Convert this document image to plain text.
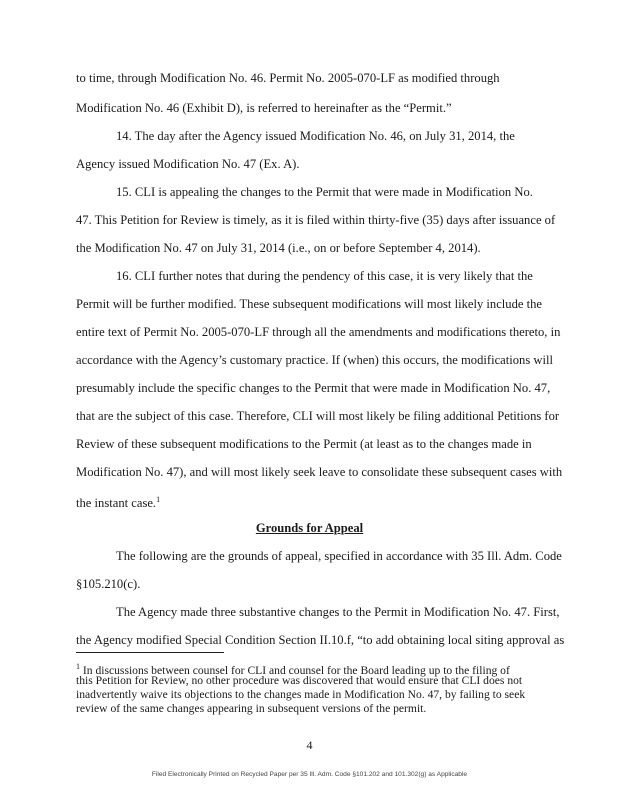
to time, through Modification No. 46. Permit No. 2005-070-LF as modified through
Modification No. 46 (Exhibit D), is referred to hereinafter as the “Permit.”
14. The day after the Agency issued Modification No. 46, on July 31, 2014, the
Agency issued Modification No. 47 (Ex. A).
15. CLI is appealing the changes to the Permit that were made in Modification No.
47. This Petition for Review is timely, as it is filed within thirty-five (35) days after issuance of
the Modification No. 47 on July 31, 2014 (i.e., on or before September 4, 2014).
16. CLI further notes that during the pendency of this case, it is very likely that the
Permit will be further modified. These subsequent modifications will most likely include the
entire text of Permit No. 2005-070-LF through all the amendments and modifications thereto, in
accordance with the Agency’s customary practice. If (when) this occurs, the modifications will
presumably include the specific changes to the Permit that were made in Modification No. 47,
that are the subject of this case. Therefore, CLI will most likely be filing additional Petitions for
Review of these subsequent modifications to the Permit (at least as to the changes made in
Modification No. 47), and will most likely seek leave to consolidate these subsequent cases with
the instant case.$^1$
Grounds for Appeal
The following are the grounds of appeal, specified in accordance with 35 Ill. Adm. Code
§105.210(c).
The Agency made three substantive changes to the Permit in Modification No. 47. First,
the Agency modified Special Condition Section II.10.f, “to add obtaining local siting approval as
$^1$ In discussions between counsel for CLI and counsel for the Board leading up to the filing of
this Petition for Review, no other procedure was discovered that would ensure that CLI does not
inadvertently waive its objections to the changes made in Modification No. 47, by failing to seek
review of the same changes appearing in subsequent versions of the permit.
4
Filed Electronically Printed on Recycled Paper per 35 Ill. Adm. Code §101.202 and 101.302(g) as Applicable
